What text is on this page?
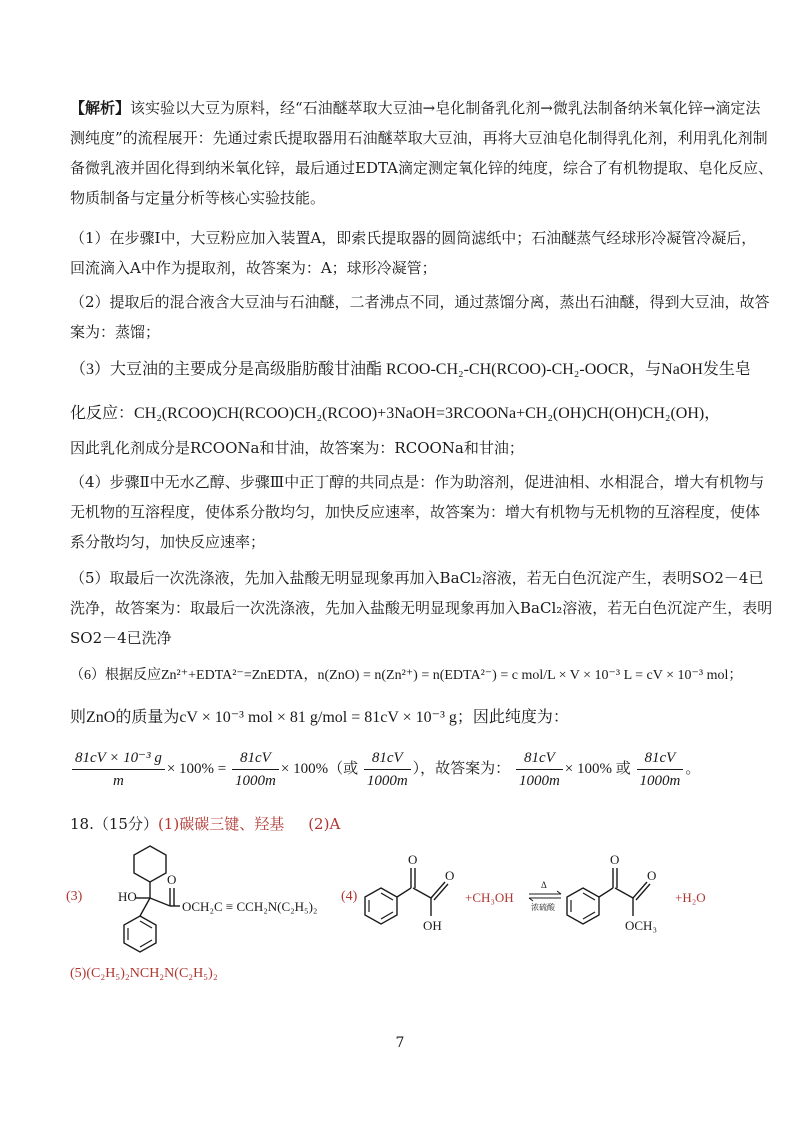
【解析】该实验以大豆为原料，经“石油醚萃取大豆油→皂化制备乳化剂→微乳法制备纳米氧化锌→滴定法
测纯度”的流程展开：先通过索氏提取器用石油醚萃取大豆油，再将大豆油皂化制得乳化剂，利用乳化剂制
备微乳液并固化得到纳米氧化锌，最后通过EDTA滴定测定氧化锌的纯度，综合了有机物提取、皂化反应、
物质制备与定量分析等核心实验技能。
（1）在步骤Ⅰ中，大豆粉应加入装置A，即索氏提取器的圆筒滤纸中；石油醚蒸气经球形冷凝管冷凝后，
回流滴入A中作为提取剂，故答案为：A；球形冷凝管；
（2）提取后的混合液含大豆油与石油醚，二者沸点不同，通过蒸馏分离，蒸出石油醚，得到大豆油，故答
案为：蒸馏；
（3）大豆油的主要成分是高级脂肪酸甘油酯 RCOO-CH₂-CH(RCOO)-CH₂-OOCR，与NaOH发生皂
化反应：CH₂(RCOO)CH(RCOO)CH₂(RCOO)+3NaOH=3RCOONa+CH₂(OH)CH(OH)CH₂(OH)，
因此乳化剂成分是RCOONa和甘油，故答案为：RCOONa和甘油；
（4）步骤Ⅱ中无水乙醇、步骤Ⅲ中正丁醇的共同点是：作为助溶剂，促进油相、水相混合，增大有机物与
无机物的互溶程度，使体系分散均匀，加快反应速率，故答案为：增大有机物与无机物的互溶程度，使体
系分散均匀，加快反应速率；
（5）取最后一次洗涤液，先加入盐酸无明显现象再加入BaCl₂溶液，若无白色沉淀产生，表明SO2－4已
洗净，故答案为：取最后一次洗涤液，先加入盐酸无明显现象再加入BaCl₂溶液，若无白色沉淀产生，表明
SO2－4已洗净
（6）根据反应Zn²⁺+EDTA²⁻=ZnEDTA，n(ZnO) = n(Zn²⁺) = n(EDTA²⁻) = c mol/L × V × 10⁻³ L = cV × 10⁻³ mol；
则ZnO的质量为cV × 10⁻³ mol × 81 g/mol = 81cV × 10⁻³ g；因此纯度为：
$\frac{\text{81cV × 10⁻³ g}}{m} \times 100\% = \frac{81cV}{1000m} \times 100\%$（或 $\frac{81cV}{1000m}$ ），故答案为： $\frac{81cV}{1000m} \times 100\%$ 或 $\frac{81cV}{1000m}$ 。
18.（15分）(1)碳碳三键、羟基 (2)A
(3)	HO
O
OCH₂C ≡ CCH₂N(C₂H₅)₂
(4)
O
O
OH
+CH₃OH
Δ
浓硫酸
O
O
OCH₃
+H₂O
(5)(C₂H₅)₂NCH₂N(C₂H₅)₂
7
